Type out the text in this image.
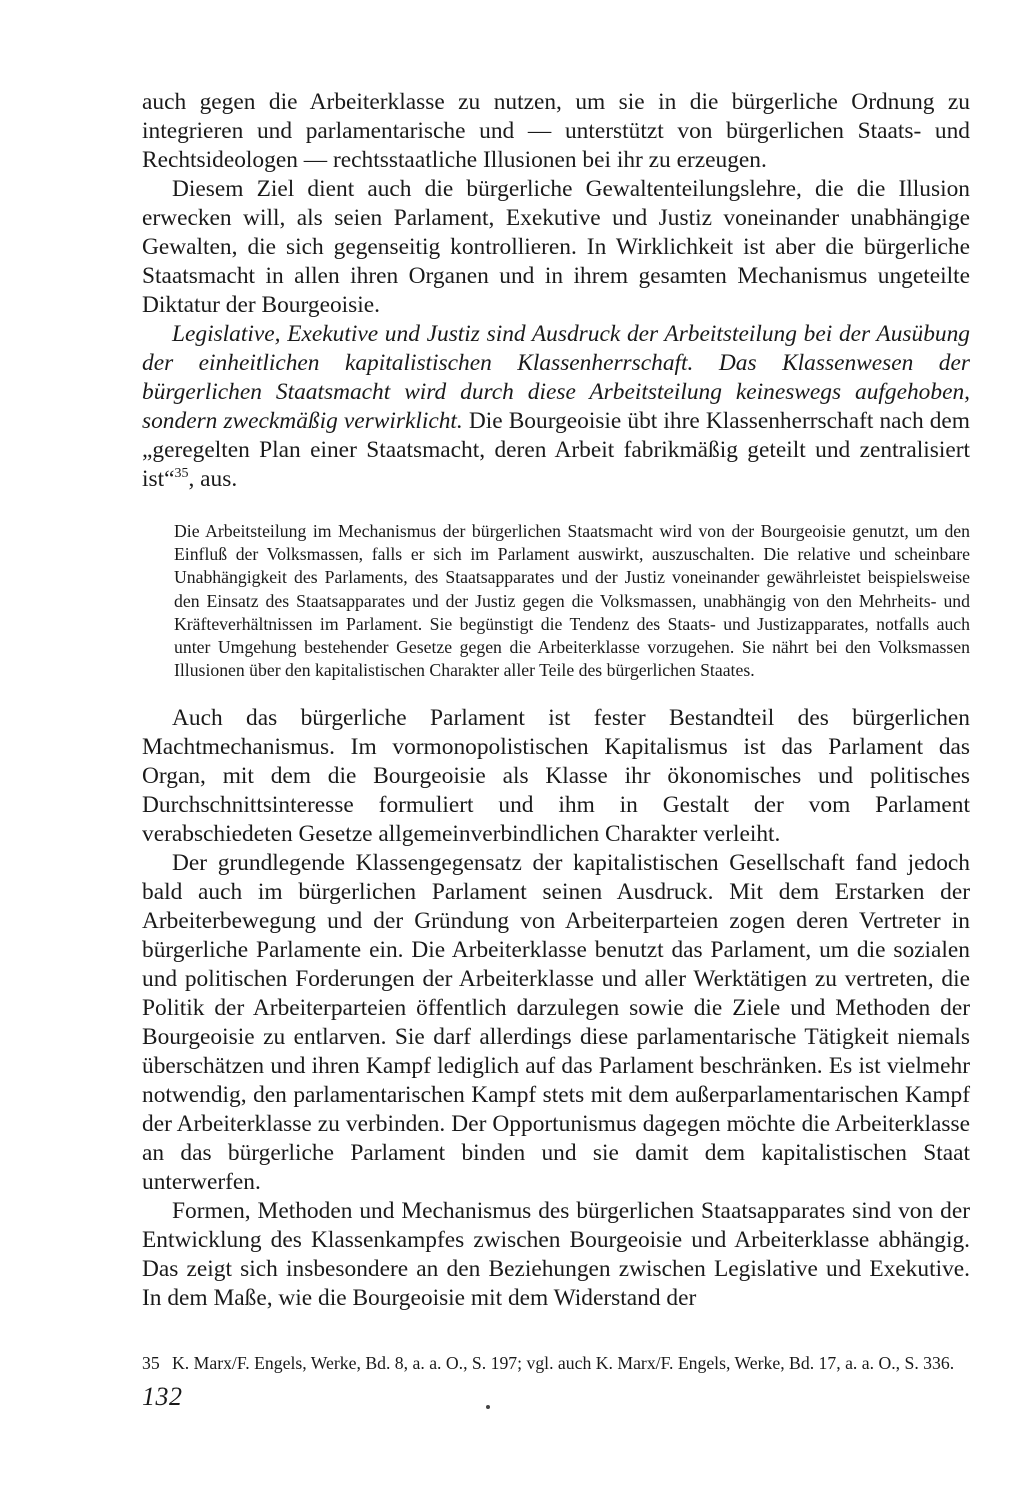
auch gegen die Arbeiterklasse zu nutzen, um sie in die bürgerliche Ordnung zu integrieren und parlamentarische und — unterstützt von bürgerlichen Staats- und Rechtsideologen — rechtsstaatliche Illusionen bei ihr zu erzeugen.

Diesem Ziel dient auch die bürgerliche Gewaltenteilungslehre, die die Illusion erwecken will, als seien Parlament, Exekutive und Justiz voneinander unabhängige Gewalten, die sich gegenseitig kontrollieren. In Wirklichkeit ist aber die bürgerliche Staatsmacht in allen ihren Organen und in ihrem gesamten Mechanismus ungeteilte Diktatur der Bourgeoisie.

Legislative, Exekutive und Justiz sind Ausdruck der Arbeitsteilung bei der Ausübung der einheitlichen kapitalistischen Klassenherrschaft. Das Klassenwesen der bürgerlichen Staatsmacht wird durch diese Arbeitsteilung keineswegs aufgehoben, sondern zweckmäßig verwirklicht. Die Bourgeoisie übt ihre Klassenherrschaft nach dem „geregelten Plan einer Staatsmacht, deren Arbeit fabrikmäßig geteilt und zentralisiert ist“$^{35}$, aus.

Die Arbeitsteilung im Mechanismus der bürgerlichen Staatsmacht wird von der Bourgeoisie genutzt, um den Einfluß der Volksmassen, falls er sich im Parlament auswirkt, auszuschalten. Die relative und scheinbare Unabhängigkeit des Parlaments, des Staatsapparates und der Justiz voneinander gewährleistet beispielsweise den Einsatz des Staatsapparates und der Justiz gegen die Volksmassen, unabhängig von den Mehrheits- und Kräfteverhältnissen im Parlament. Sie begünstigt die Tendenz des Staats- und Justizapparates, notfalls auch unter Umgehung bestehender Gesetze gegen die Arbeiterklasse vorzugehen. Sie nährt bei den Volksmassen Illusionen über den kapitalistischen Charakter aller Teile des bürgerlichen Staates.

Auch das bürgerliche Parlament ist fester Bestandteil des bürgerlichen Machtmechanismus. Im vormonopolistischen Kapitalismus ist das Parlament das Organ, mit dem die Bourgeoisie als Klasse ihr ökonomisches und politisches Durchschnittsinteresse formuliert und ihm in Gestalt der vom Parlament verabschiedeten Gesetze allgemeinverbindlichen Charakter verleiht.

Der grundlegende Klassengegensatz der kapitalistischen Gesellschaft fand jedoch bald auch im bürgerlichen Parlament seinen Ausdruck. Mit dem Erstarken der Arbeiterbewegung und der Gründung von Arbeiterparteien zogen deren Vertreter in bürgerliche Parlamente ein. Die Arbeiterklasse benutzt das Parlament, um die sozialen und politischen Forderungen der Arbeiterklasse und aller Werktätigen zu vertreten, die Politik der Arbeiterparteien öffentlich darzulegen sowie die Ziele und Methoden der Bourgeoisie zu entlarven. Sie darf allerdings diese parlamentarische Tätigkeit niemals überschätzen und ihren Kampf lediglich auf das Parlament beschränken. Es ist vielmehr notwendig, den parlamentarischen Kampf stets mit dem außerparlamentarischen Kampf der Arbeiterklasse zu verbinden. Der Opportunismus dagegen möchte die Arbeiterklasse an das bürgerliche Parlament binden und sie damit dem kapitalistischen Staat unterwerfen.

Formen, Methoden und Mechanismus des bürgerlichen Staatsapparates sind von der Entwicklung des Klassenkampfes zwischen Bourgeoisie und Arbeiterklasse abhängig. Das zeigt sich insbesondere an den Beziehungen zwischen Legislative und Exekutive. In dem Maße, wie die Bourgeoisie mit dem Widerstand der

35 K. Marx/F. Engels, Werke, Bd. 8, a. a. O., S. 197; vgl. auch K. Marx/F. Engels, Werke, Bd. 17, a. a. O., S. 336.
132
